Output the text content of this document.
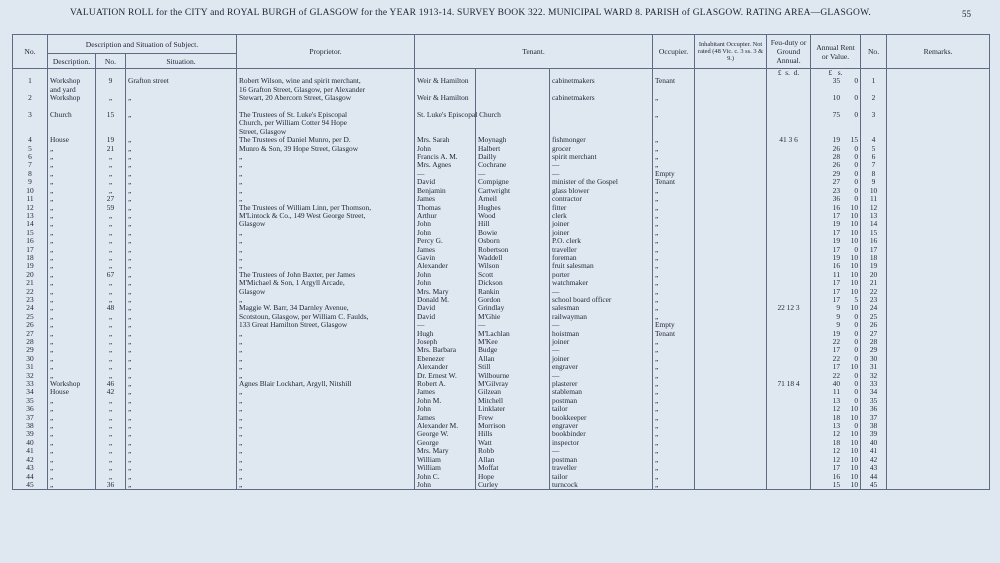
VALUATION ROLL for the CITY and ROYAL BURGH of GLASGOW for the YEAR 1913-14. SURVEY BOOK 322. MUNICIPAL WARD 8. PARISH of GLASGOW. RATING AREA—GLASGOW.	55
No.	Description and Situation of Subject.			Proprietor.	Tenant.			Occupier.	Inhabitant Occupier. Not rated (48 Vic. c. 3 ss. 3 & 9.)	Feu-duty or Ground Annual.	Annual Rent or Value.	No.	Remarks.
	Description.	No.	Situation.										
										£ s. d.	£ s.		
1	Workshop	9	Grafton street	Robert Wilson, wine and spirit merchant,	Weir & Hamilton		cabinetmakers	Tenant			35 0	1	
	and yard			16 Grafton Street, Glasgow, per Alexander									
2	Workshop	„	„	Stewart, 20 Abercorn Street, Glasgow	Weir & Hamilton		cabinetmakers	„			10 0	2	

3	Church	15	„	The Trustees of St. Luke's Episcopal	St. Luke's Episcopal Church			„			75 0	3	
				Church, per William Cotter 94 Hope									
				Street, Glasgow									
4	House	19	„	The Trustees of Daniel Munro, per D.	Mrs. Sarah	Moynagh	fishmonger	„		41 3 6	19 15	4	
5	„	21	„	Munro & Son, 39 Hope Street, Glasgow	John	Halbert	grocer	„			26 0	5	
6	„	„	„	„	Francis A. M.	Dailly	spirit merchant	„			28 0	6	
7	„	„	„	„	Mrs. Agnes	Cochrane	—	„			26 0	7	
8	„	„	„	„	—	—	—	Empty			29 0	8	
9	„	„	„	„	David	Compigne	minister of the Gospel	Tenant			27 0	9	
10	„	„	„	„	Benjamin	Cartwright	glass blower	„			23 0	10	
11	„	27	„	„	James	Arneil	contractor	„			36 0	11	
12	„	59	„	The Trustees of William Linn, per Thomson,	Thomas	Hughes	fitter	„			16 10	12	
13	„	„	„	M'Lintock & Co., 149 West George Street,	Arthur	Wood	clerk	„			17 10	13	
14	„	„	„	Glasgow	John	Hill	joiner	„			19 10	14	
15	„	„	„	„	John	Bowie	joiner	„			17 10	15	
16	„	„	„	„	Percy G.	Osborn	P.O. clerk	„			19 10	16	
17	„	„	„	„	James	Robertson	traveller	„			17 0	17	
18	„	„	„	„	Gavin	Waddell	foreman	„			19 10	18	
19	„	„	„	„	Alexander	Wilson	fruit salesman	„			16 10	19	
20	„	67	„	The Trustees of John Baxter, per James	John	Scott	porter	„			11 10	20	
21	„	„	„	M'Michael & Son, 1 Argyll Arcade,	John	Dickson	watchmaker	„			17 10	21	
22	„	„	„	Glasgow	Mrs. Mary	Rankin	—	„			17 10	22	
23	„	„	„	„	Donald M.	Gordon	school board officer	„			17 5	23	
24	„	48	„	Maggie W. Barr, 34 Darnley Avenue,	David	Grindlay	salesman	„		22 12 3	9 10	24	
25	„	„	„	Scotstoun, Glasgow, per William C. Faulds,	David	M'Ghie	railwayman	„			9 0	25	
26	„	„	„	133 Great Hamilton Street, Glasgow	—	—	—	Empty			9 0	26	
27	„	„	„	„	Hugh	M'Lachlan	hoistman	Tenant			19 0	27	
28	„	„	„	„	Joseph	M'Kee	joiner	„			22 0	28	
29	„	„	„	„	Mrs. Barbara	Budge	—	„			17 0	29	
30	„	„	„	„	Ebenezer	Allan	joiner	„			22 0	30	
31	„	„	„	„	Alexander	Still	engraver	„			17 10	31	
32	„	„	„	„	Dr. Ernest W.	Wilbourne	—	„			22 0	32	
33	Workshop	46	„	Agnes Blair Lockhart, Argyll, Nitshill	Robert A.	M'Gilvray	plasterer	„		71 18 4	40 0	33	
34	House	42	„	„	James	Gilzean	stableman	„			11 0	34	
35	„	„	„	„	John M.	Mitchell	postman	„			13 0	35	
36	„	„	„	„	John	Linklater	tailor	„			12 10	36	
37	„	„	„	„	James	Frew	bookkeeper	„			18 10	37	
38	„	„	„	„	Alexander M.	Morrison	engraver	„			13 0	38	
39	„	„	„	„	George W.	Hills	bookbinder	„			12 10	39	
40	„	„	„	„	George	Watt	inspector	„			18 10	40	
41	„	„	„	„	Mrs. Mary	Robb	—	„			12 10	41	
42	„	„	„	„	William	Allan	postman	„			12 10	42	
43	„	„	„	„	William	Moffat	traveller	„			17 10	43	
44	„	„	„	„	John C.	Hope	tailor	„			16 10	44	
45	„	36	„	„	John	Curley	turncock	„			15 10	45	
